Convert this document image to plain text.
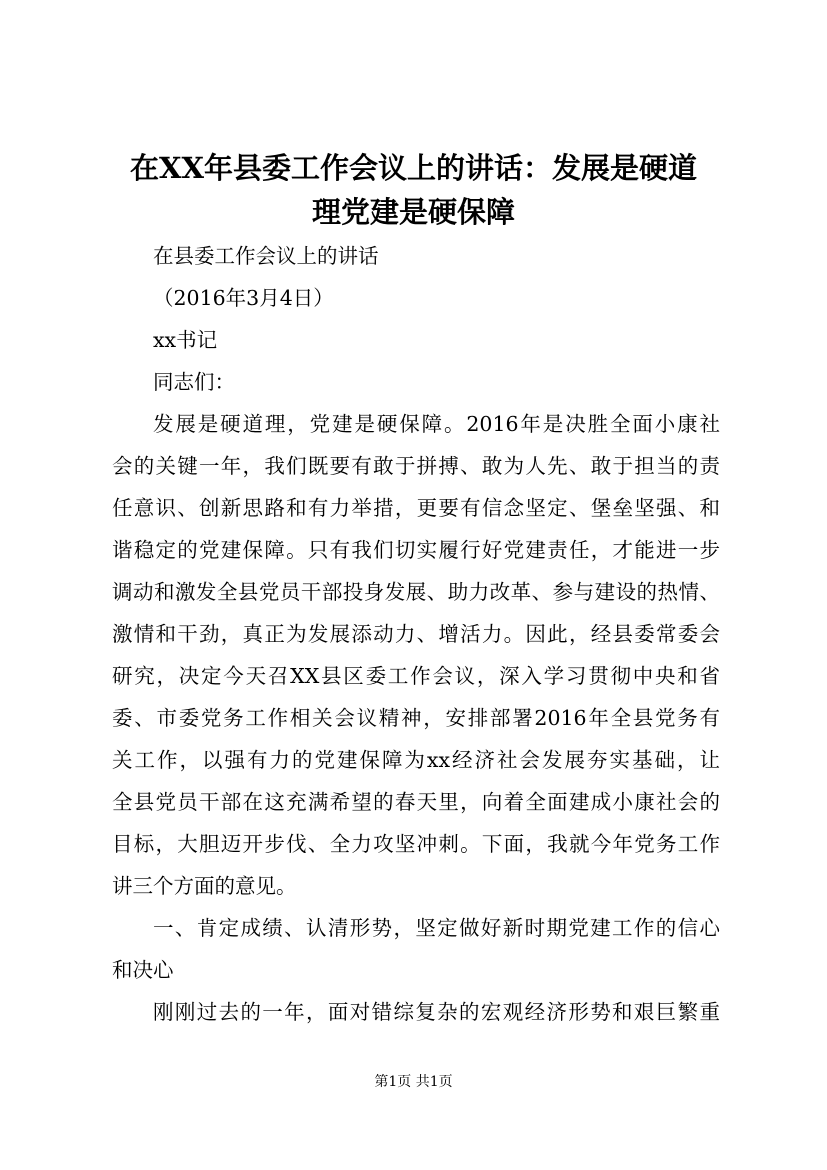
在XX年县委工作会议上的讲话：发展是硬道
理党建是硬保障

在县委工作会议上的讲话

（2016年3月4日）

xx书记

同志们：

发展是硬道理，党建是硬保障。2016年是决胜全面小康社

会的关键一年，我们既要有敢于拼搏、敢为人先、敢于担当的责

任意识、创新思路和有力举措，更要有信念坚定、堡垒坚强、和

谐稳定的党建保障。只有我们切实履行好党建责任，才能进一步

调动和激发全县党员干部投身发展、助力改革、参与建设的热情、

激情和干劲，真正为发展添动力、增活力。因此，经县委常委会

研究，决定今天召XX县区委工作会议，深入学习贯彻中央和省

委、市委党务工作相关会议精神，安排部署2016年全县党务有

关工作，以强有力的党建保障为xx经济社会发展夯实基础，让

全县党员干部在这充满希望的春天里，向着全面建成小康社会的

目标，大胆迈开步伐、全力攻坚冲刺。下面，我就今年党务工作

讲三个方面的意见。

一、肯定成绩、认清形势，坚定做好新时期党建工作的信心

和决心

刚刚过去的一年，面对错综复杂的宏观经济形势和艰巨繁重

第1页 共1页
